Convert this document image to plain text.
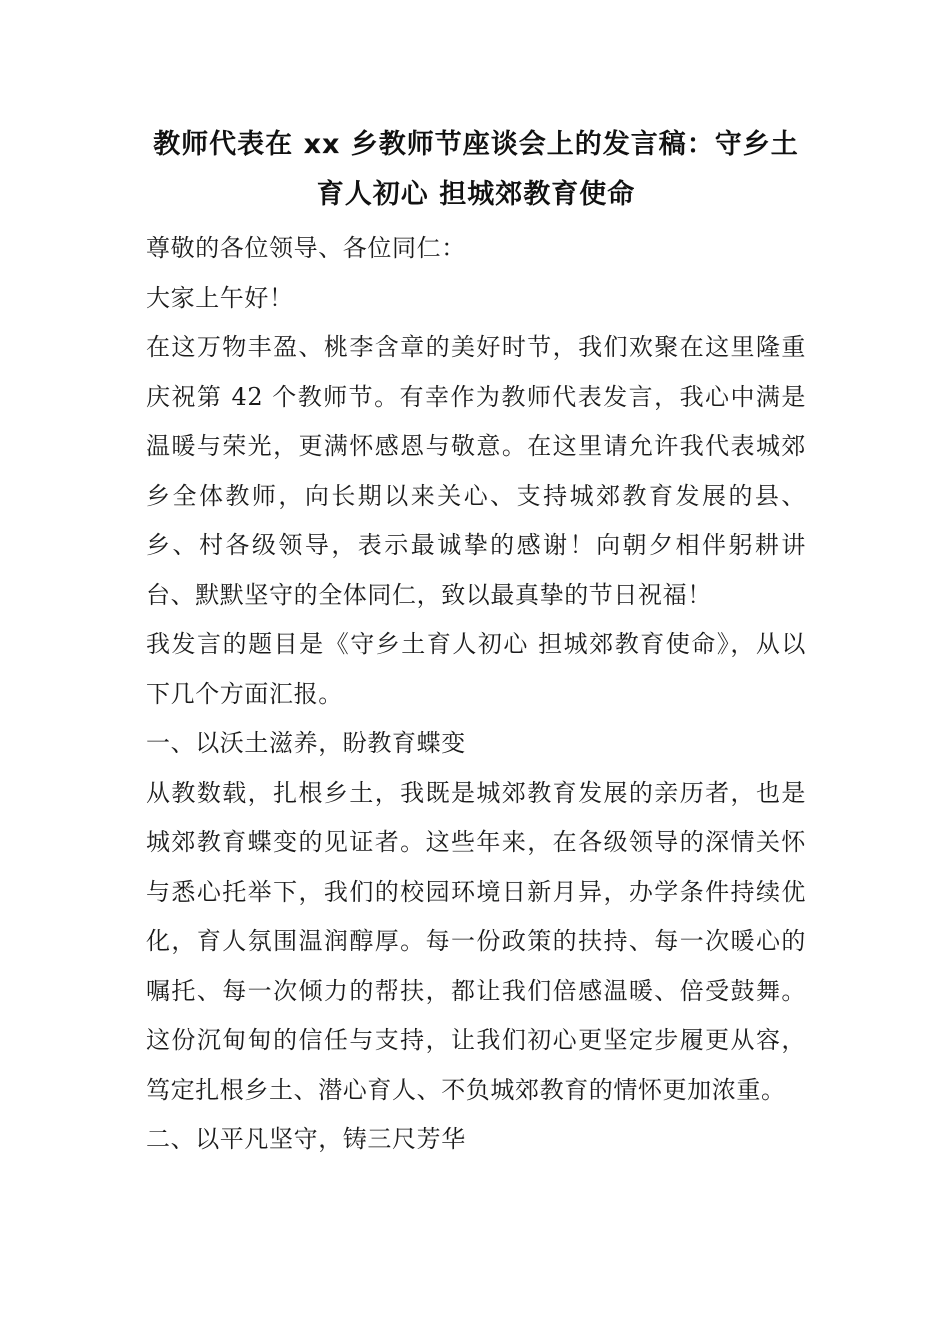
教师代表在 xx 乡教师节座谈会上的发言稿：守乡土
育人初心 担城郊教育使命

尊敬的各位领导、各位同仁：

大家上午好！

在这万物丰盈、桃李含章的美好时节，我们欢聚在这里隆重庆祝第 42 个教师节。有幸作为教师代表发言，我心中满是温暖与荣光，更满怀感恩与敬意。在这里请允许我代表城郊乡全体教师，向长期以来关心、支持城郊教育发展的县、乡、村各级领导，表示最诚挚的感谢！向朝夕相伴躬耕讲台、默默坚守的全体同仁，致以最真挚的节日祝福！

我发言的题目是《守乡土育人初心 担城郊教育使命》，从以下几个方面汇报。

一、以沃土滋养，盼教育蝶变

从教数载，扎根乡土，我既是城郊教育发展的亲历者，也是城郊教育蝶变的见证者。这些年来，在各级领导的深情关怀与悉心托举下，我们的校园环境日新月异，办学条件持续优化，育人氛围温润醇厚。每一份政策的扶持、每一次暖心的嘱托、每一次倾力的帮扶，都让我们倍感温暖、倍受鼓舞。这份沉甸甸的信任与支持，让我们初心更坚定步履更从容，笃定扎根乡土、潜心育人、不负城郊教育的情怀更加浓重。

二、以平凡坚守，铸三尺芳华
